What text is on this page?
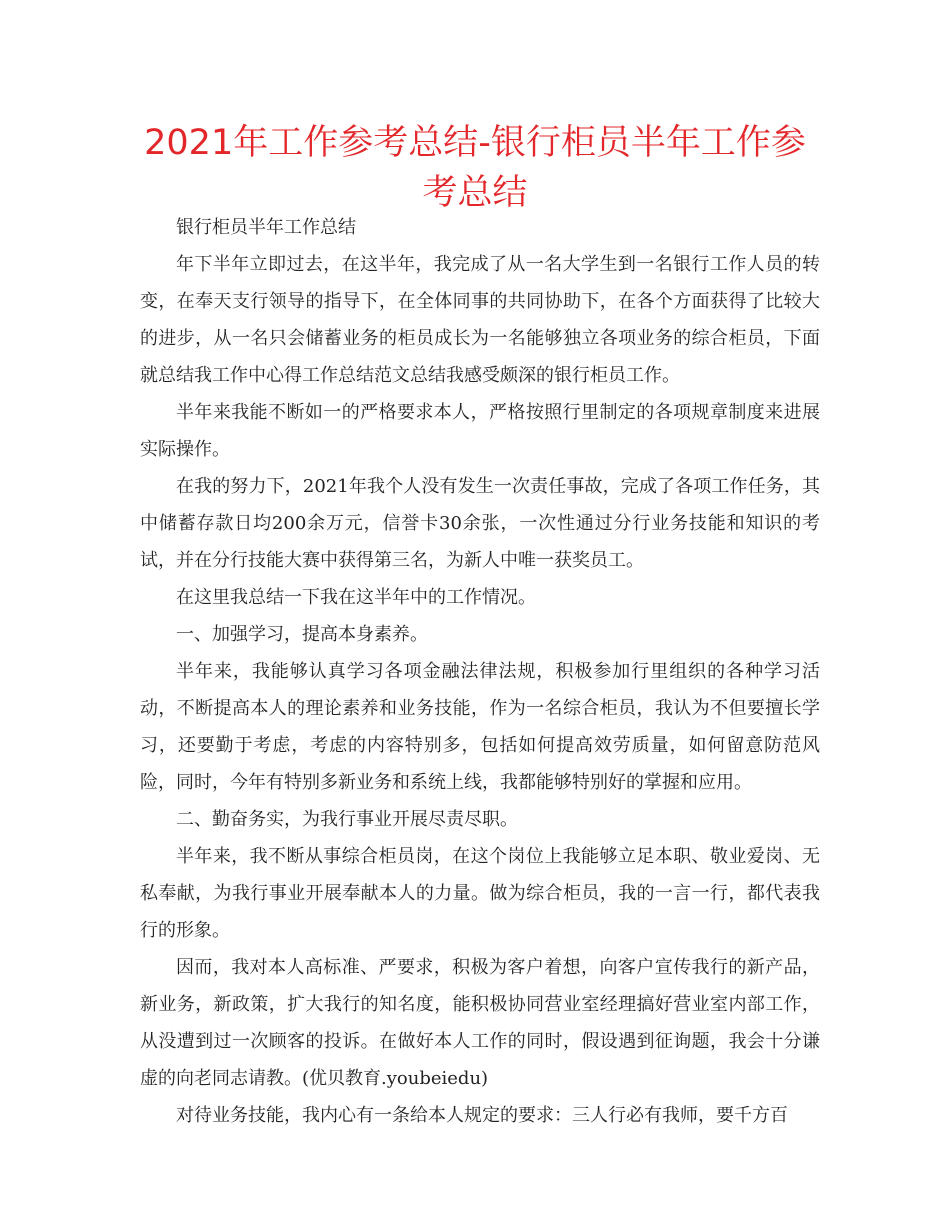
2021年工作参考总结-银行柜员半年工作参考总结

银行柜员半年工作总结

年下半年立即过去，在这半年，我完成了从一名大学生到一名银行工作人员的转变，在奉天支行领导的指导下，在全体同事的共同协助下，在各个方面获得了比较大的进步，从一名只会储蓄业务的柜员成长为一名能够独立各项业务的综合柜员，下面就总结我工作中心得工作总结范文总结我感受颇深的银行柜员工作。

半年来我能不断如一的严格要求本人，严格按照行里制定的各项规章制度来进展实际操作。

在我的努力下，2021年我个人没有发生一次责任事故，完成了各项工作任务，其中储蓄存款日均200余万元，信誉卡30余张，一次性通过分行业务技能和知识的考试，并在分行技能大赛中获得第三名，为新人中唯一获奖员工。

在这里我总结一下我在这半年中的工作情况。

一、加强学习，提高本身素养。

半年来，我能够认真学习各项金融法律法规，积极参加行里组织的各种学习活动，不断提高本人的理论素养和业务技能，作为一名综合柜员，我认为不但要擅长学习，还要勤于考虑，考虑的内容特别多，包括如何提高效劳质量，如何留意防范风险，同时，今年有特别多新业务和系统上线，我都能够特别好的掌握和应用。

二、勤奋务实，为我行事业开展尽责尽职。

半年来，我不断从事综合柜员岗，在这个岗位上我能够立足本职、敬业爱岗、无私奉献，为我行事业开展奉献本人的力量。做为综合柜员，我的一言一行，都代表我行的形象。

因而，我对本人高标准、严要求，积极为客户着想，向客户宣传我行的新产品，新业务，新政策，扩大我行的知名度，能积极协同营业室经理搞好营业室内部工作，从没遭到过一次顾客的投诉。在做好本人工作的同时，假设遇到征询题，我会十分谦虚的向老同志请教。(优贝教育.youbeiedu)

对待业务技能，我内心有一条给本人规定的要求：三人行必有我师，要千方百
